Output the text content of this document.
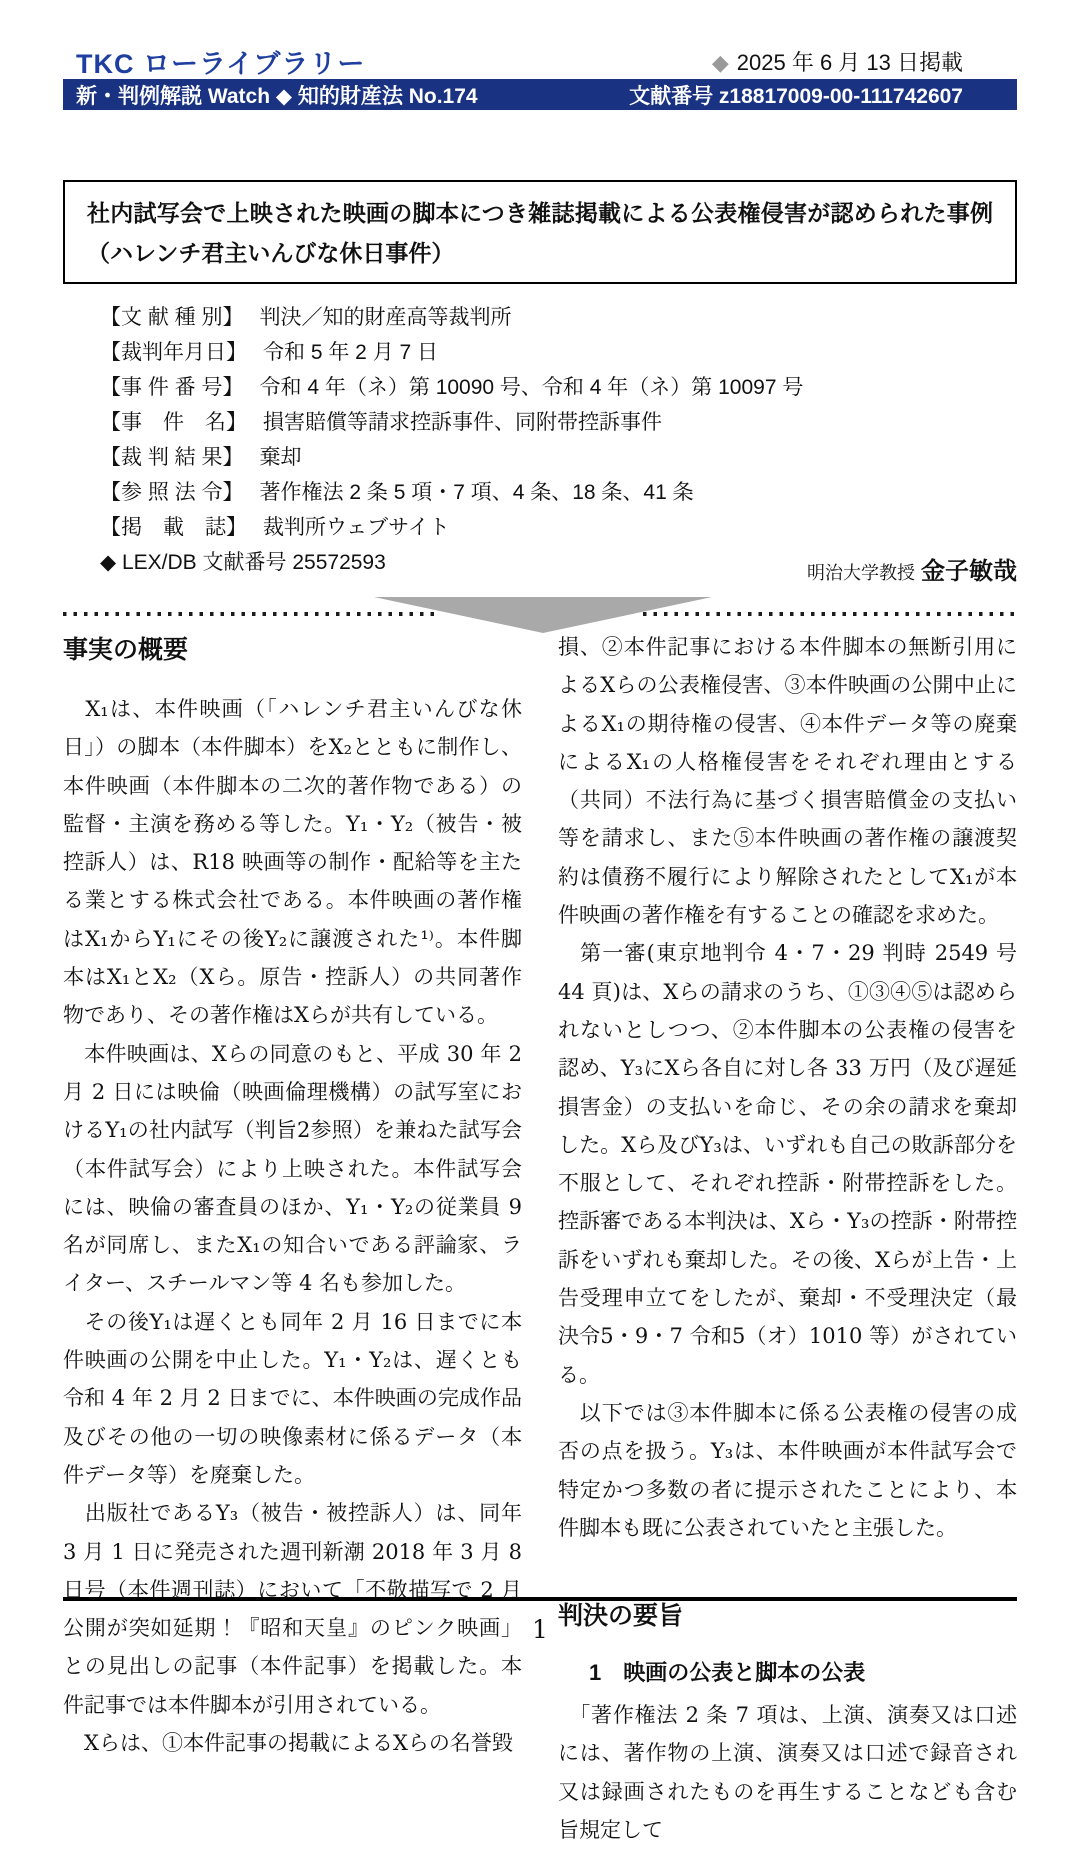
TKC ローライブラリー	◆ 2025 年 6 月 13 日掲載
新・判例解説 Watch ◆ 知的財産法 No.174	文献番号 z18817009-00-111742607
社内試写会で上映された映画の脚本につき雑誌掲載による公表権侵害が認められた事例（ハレンチ君主いんびな休日事件）
【文 献 種 別】 判決／知的財産高等裁判所
【裁判年月日】 令和 5 年 2 月 7 日
【事 件 番 号】 令和 4 年（ネ）第 10090 号、令和 4 年（ネ）第 10097 号
【事　件　名】 損害賠償等請求控訴事件、同附帯控訴事件
【裁 判 結 果】 棄却
【参 照 法 令】 著作権法 2 条 5 項・7 項、4 条、18 条、41 条
【掲　載　誌】 裁判所ウェブサイト
◆ LEX/DB 文献番号 25572593	明治大学教授 金子敏哉
事実の概要

　X₁は、本件映画（「ハレンチ君主いんびな休日」）の脚本（本件脚本）をX₂とともに制作し、本件映画（本件脚本の二次的著作物である）の監督・主演を務める等した。Y₁・Y₂（被告・被控訴人）は、R18 映画等の制作・配給等を主たる業とする株式会社である。本件映画の著作権はX₁からY₁にその後Y₂に譲渡された¹⁾。本件脚本はX₁とX₂（Xら。原告・控訴人）の共同著作物であり、その著作権はXらが共有している。

　本件映画は、Xらの同意のもと、平成 30 年 2 月 2 日には映倫（映画倫理機構）の試写室におけるY₁の社内試写（判旨2参照）を兼ねた試写会（本件試写会）により上映された。本件試写会には、映倫の審査員のほか、Y₁・Y₂の従業員 9 名が同席し、またX₁の知合いである評論家、ライター、スチールマン等 4 名も参加した。

　その後Y₁は遅くとも同年 2 月 16 日までに本件映画の公開を中止した。Y₁・Y₂は、遅くとも令和 4 年 2 月 2 日までに、本件映画の完成作品及びその他の一切の映像素材に係るデータ（本件データ等）を廃棄した。

　出版社であるY₃（被告・被控訴人）は、同年 3 月 1 日に発売された週刊新潮 2018 年 3 月 8 日号（本件週刊誌）において「不敬描写で 2 月公開が突如延期！『昭和天皇』のピンク映画」との見出しの記事（本件記事）を掲載した。本件記事では本件脚本が引用されている。

　Xらは、①本件記事の掲載によるXらの名誉毀

損、②本件記事における本件脚本の無断引用によるXらの公表権侵害、③本件映画の公開中止によるX₁の期待権の侵害、④本件データ等の廃棄によるX₁の人格権侵害をそれぞれ理由とする（共同）不法行為に基づく損害賠償金の支払い等を請求し、また⑤本件映画の著作権の譲渡契約は債務不履行により解除されたとしてX₁が本件映画の著作権を有することの確認を求めた。

　第一審(東京地判令 4・7・29 判時 2549 号 44 頁)は、Xらの請求のうち、①③④⑤は認められないとしつつ、②本件脚本の公表権の侵害を認め、Y₃にXら各自に対し各 33 万円（及び遅延損害金）の支払いを命じ、その余の請求を棄却した。Xら及びY₃は、いずれも自己の敗訴部分を不服として、それぞれ控訴・附帯控訴をした。控訴審である本判決は、Xら・Y₃の控訴・附帯控訴をいずれも棄却した。その後、Xらが上告・上告受理申立てをしたが、棄却・不受理決定（最決令5・9・7 令和5（オ）1010 等）がされている。

　以下では③本件脚本に係る公表権の侵害の成否の点を扱う。Y₃は、本件映画が本件試写会で特定かつ多数の者に提示されたことにより、本件脚本も既に公表されていたと主張した。

判決の要旨
1　映画の公表と脚本の公表

　「著作権法 2 条 7 項は、上演、演奏又は口述には、著作物の上演、演奏又は口述で録音され又は録画されたものを再生することなども含む旨規定して

1
